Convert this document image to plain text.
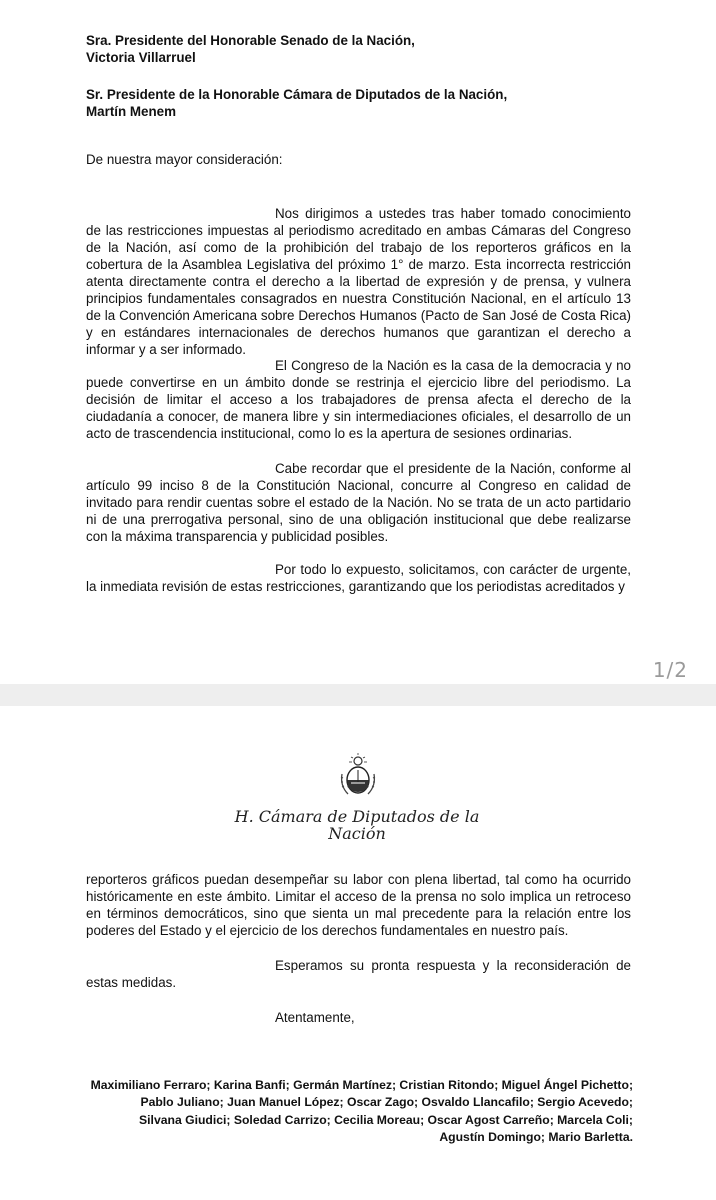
Sra. Presidente del Honorable Senado de la Nación,
Victoria Villarruel
Sr. Presidente de la Honorable Cámara de Diputados de la Nación,
Martín Menem
De nuestra mayor consideración:

Nos dirigimos a ustedes tras haber tomado conocimiento de las restricciones impuestas al periodismo acreditado en ambas Cámaras del Congreso de la Nación, así como de la prohibición del trabajo de los reporteros gráficos en la cobertura de la Asamblea Legislativa del próximo 1° de marzo. Esta incorrecta restricción atenta directamente contra el derecho a la libertad de expresión y de prensa, y vulnera principios fundamentales consagrados en nuestra Constitución Nacional, en el artículo 13 de la Convención Americana sobre Derechos Humanos (Pacto de San José de Costa Rica) y en estándares internacionales de derechos humanos que garantizan el derecho a informar y a ser informado.

El Congreso de la Nación es la casa de la democracia y no puede convertirse en un ámbito donde se restrinja el ejercicio libre del periodismo. La decisión de limitar el acceso a los trabajadores de prensa afecta el derecho de la ciudadanía a conocer, de manera libre y sin intermediaciones oficiales, el desarrollo de un acto de trascendencia institucional, como lo es la apertura de sesiones ordinarias.

Cabe recordar que el presidente de la Nación, conforme al artículo 99 inciso 8 de la Constitución Nacional, concurre al Congreso en calidad de invitado para rendir cuentas sobre el estado de la Nación. No se trata de un acto partidario ni de una prerrogativa personal, sino de una obligación institucional que debe realizarse con la máxima transparencia y publicidad posibles.

Por todo lo expuesto, solicitamos, con carácter de urgente, la inmediata revisión de estas restricciones, garantizando que los periodistas acreditados y

1/2
H. Cámara de Diputados de la Nación
reporteros gráficos puedan desempeñar su labor con plena libertad, tal como ha ocurrido históricamente en este ámbito. Limitar el acceso de la prensa no solo implica un retroceso en términos democráticos, sino que sienta un mal precedente para la relación entre los poderes del Estado y el ejercicio de los derechos fundamentales en nuestro país.

Esperamos su pronta respuesta y la reconsideración de estas medidas.

Atentamente,
Maximiliano Ferraro; Karina Banfi; Germán Martínez; Cristian Ritondo; Miguel Ángel Pichetto;
Pablo Juliano; Juan Manuel López; Oscar Zago; Osvaldo Llancafilo; Sergio Acevedo;
Silvana Giudici; Soledad Carrizo; Cecilia Moreau; Oscar Agost Carreño; Marcela Coli;
Agustín Domingo; Mario Barletta.
